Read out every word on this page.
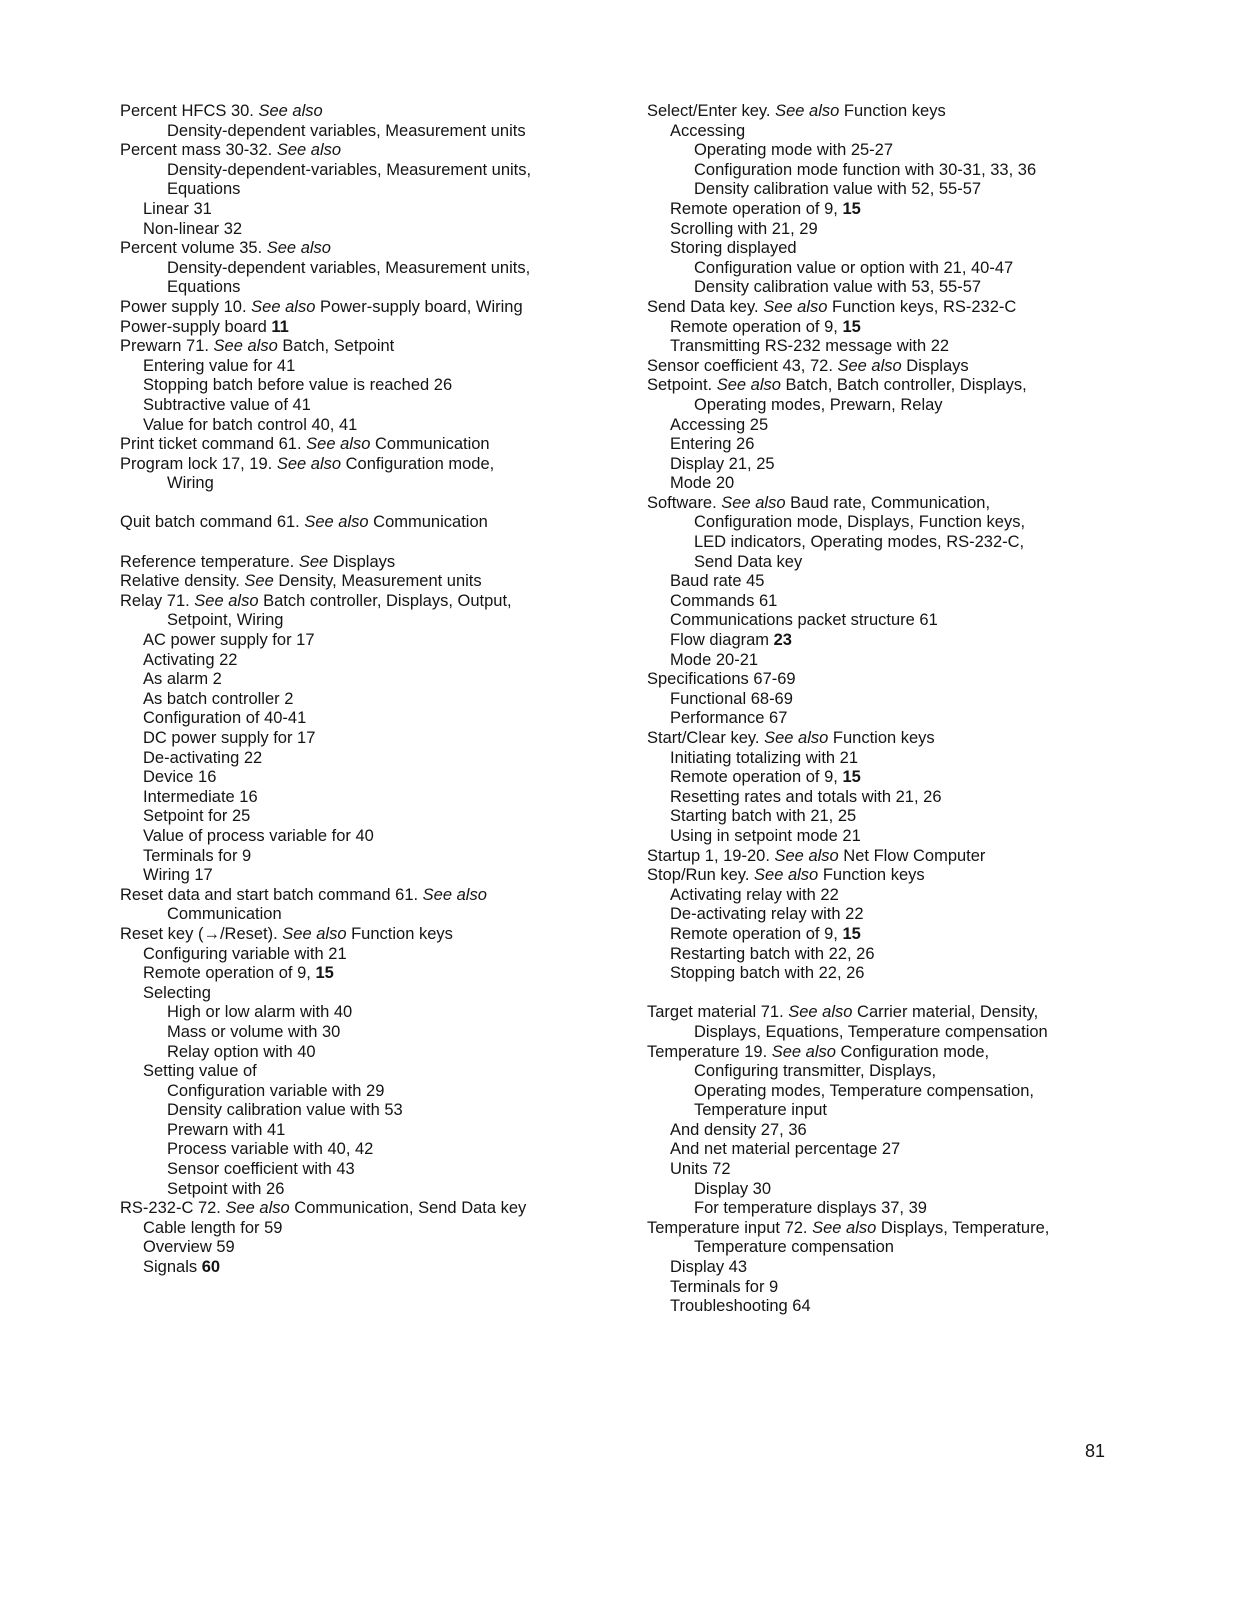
Percent HFCS 30. See also
Density-dependent variables, Measurement units
Percent mass 30-32. See also
Density-dependent-variables, Measurement units,
Equations
Linear 31
Non-linear 32
Percent volume 35. See also
Density-dependent variables, Measurement units,
Equations
Power supply 10. See also Power-supply board, Wiring
Power-supply board 11
Prewarn 71. See also Batch, Setpoint
Entering value for 41
Stopping batch before value is reached 26
Subtractive value of 41
Value for batch control 40, 41
Print ticket command 61. See also Communication
Program lock 17, 19. See also Configuration mode,
Wiring
Quit batch command 61. See also Communication
Reference temperature. See Displays
Relative density. See Density, Measurement units
Relay 71. See also Batch controller, Displays, Output,
Setpoint, Wiring
AC power supply for 17
Activating 22
As alarm 2
As batch controller 2
Configuration of 40-41
DC power supply for 17
De-activating 22
Device 16
Intermediate 16
Setpoint for 25
Value of process variable for 40
Terminals for 9
Wiring 17
Reset data and start batch command 61. See also
Communication
Reset key (→/Reset). See also Function keys
Configuring variable with 21
Remote operation of 9, 15
Selecting
High or low alarm with 40
Mass or volume with 30
Relay option with 40
Setting value of
Configuration variable with 29
Density calibration value with 53
Prewarn with 41
Process variable with 40, 42
Sensor coefficient with 43
Setpoint with 26
RS-232-C 72. See also Communication, Send Data key
Cable length for 59
Overview 59
Signals 60
Select/Enter key. See also Function keys
Accessing
Operating mode with 25-27
Configuration mode function with 30-31, 33, 36
Density calibration value with 52, 55-57
Remote operation of 9, 15
Scrolling with 21, 29
Storing displayed
Configuration value or option with 21, 40-47
Density calibration value with 53, 55-57
Send Data key. See also Function keys, RS-232-C
Remote operation of 9, 15
Transmitting RS-232 message with 22
Sensor coefficient 43, 72. See also Displays
Setpoint. See also Batch, Batch controller, Displays,
Operating modes, Prewarn, Relay
Accessing 25
Entering 26
Display 21, 25
Mode 20
Software. See also Baud rate, Communication,
Configuration mode, Displays, Function keys,
LED indicators, Operating modes, RS-232-C,
Send Data key
Baud rate 45
Commands 61
Communications packet structure 61
Flow diagram 23
Mode 20-21
Specifications 67-69
Functional 68-69
Performance 67
Start/Clear key. See also Function keys
Initiating totalizing with 21
Remote operation of 9, 15
Resetting rates and totals with 21, 26
Starting batch with 21, 25
Using in setpoint mode 21
Startup 1, 19-20. See also Net Flow Computer
Stop/Run key. See also Function keys
Activating relay with 22
De-activating relay with 22
Remote operation of 9, 15
Restarting batch with 22, 26
Stopping batch with 22, 26
Target material 71. See also Carrier material, Density,
Displays, Equations, Temperature compensation
Temperature 19. See also Configuration mode,
Configuring transmitter, Displays,
Operating modes, Temperature compensation,
Temperature input
And density 27, 36
And net material percentage 27
Units 72
Display 30
For temperature displays 37, 39
Temperature input 72. See also Displays, Temperature,
Temperature compensation
Display 43
Terminals for 9
Troubleshooting 64
81
